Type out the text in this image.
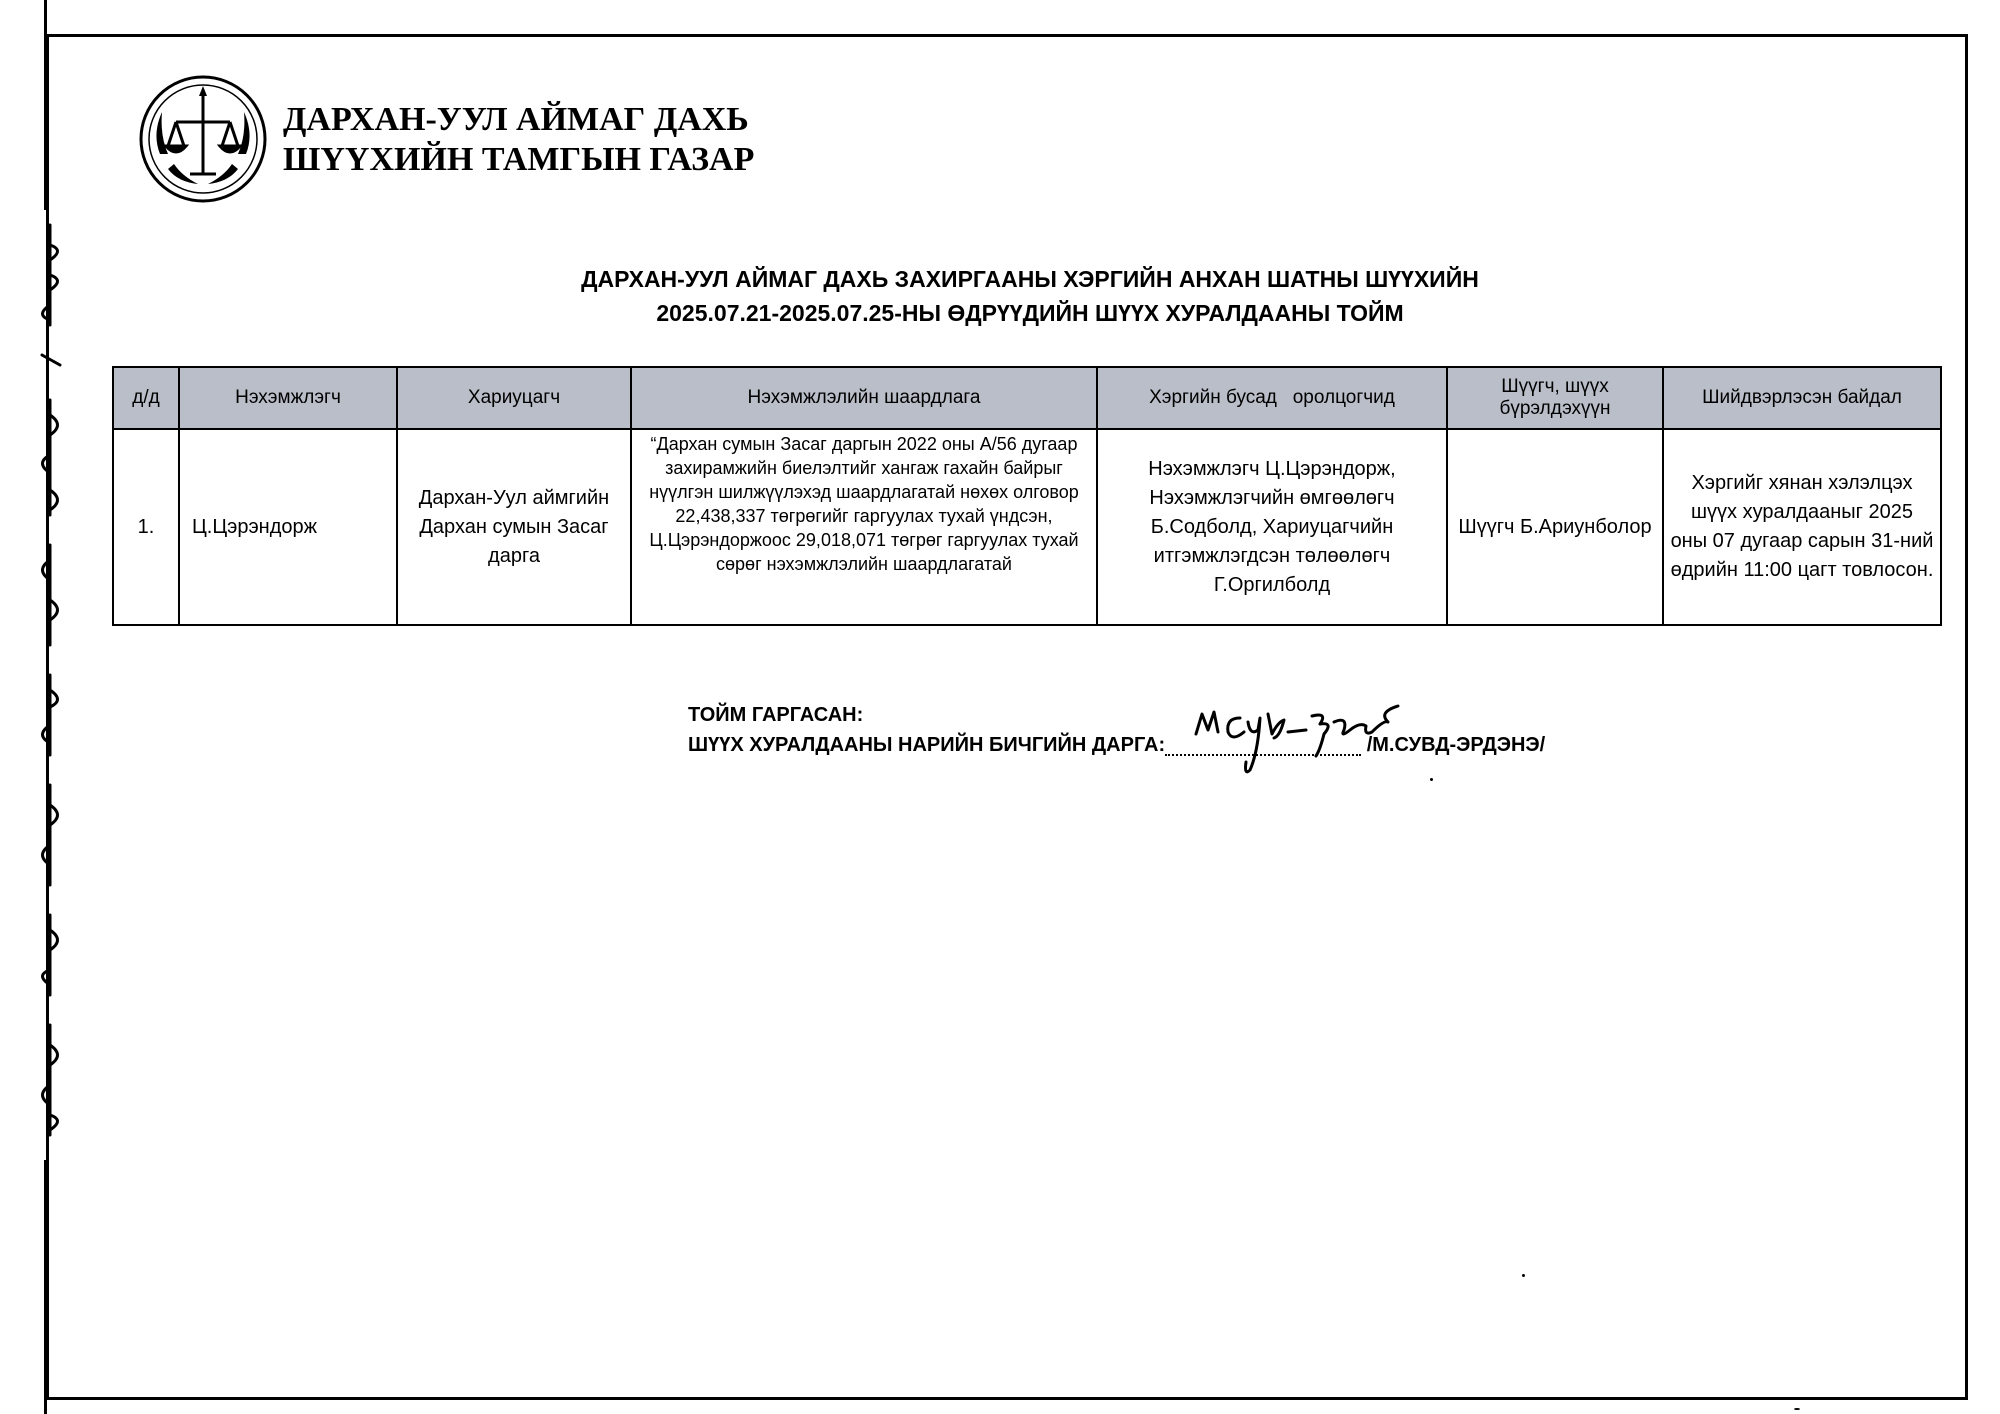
ДАРХАН-УУЛ АЙМАГ ДАХЬ
ШҮҮХИЙН ТАМГЫН ГАЗАР
ДАРХАН-УУЛ АЙМАГ ДАХЬ ЗАХИРГААНЫ ХЭРГИЙН АНХАН ШАТНЫ ШҮҮХИЙН
2025.07.21-2025.07.25-НЫ ӨДРҮҮДИЙН ШҮҮХ ХУРАЛДААНЫ ТОЙМ
д/д	Нэхэмжлэгч	Хариуцагч	Нэхэмжлэлийн шаардлага	Хэргийн бусад   оролцогчид	Шүүгч, шүүх бүрэлдэхүүн	Шийдвэрлэсэн байдал
1.	Ц.Цэрэндорж	Дархан-Уул аймгийн Дархан сумын Засаг дарга	“Дархан сумын Засаг даргын 2022 оны А/56 дугаар захирамжийн биелэлтийг хангаж гахайн байрыг нүүлгэн шилжүүлэхэд шаардлагатай нөхөх олговор 22,438,337 төгрөгийг гаргуулах тухай үндсэн, Ц.Цэрэндоржоос 29,018,071 төгрөг гаргуулах тухай сөрөг нэхэмжлэлийн шаардлагатай	Нэхэмжлэгч Ц.Цэрэндорж, Нэхэмжлэгчийн өмгөөлөгч Б.Содболд, Хариуцагчийн итгэмжлэгдсэн төлөөлөгч Г.Оргилболд	Шүүгч Б.Ариунболор	Хэргийг хянан хэлэлцэх шүүх хуралдааныг 2025 оны 07 дугаар сарын 31-ний өдрийн 11:00 цагт товлосон.
ТОЙМ ГАРГАСАН:
ШҮҮХ ХУРАЛДААНЫ НАРИЙН БИЧГИЙН ДАРГА:	/М.СУВД-ЭРДЭНЭ/
